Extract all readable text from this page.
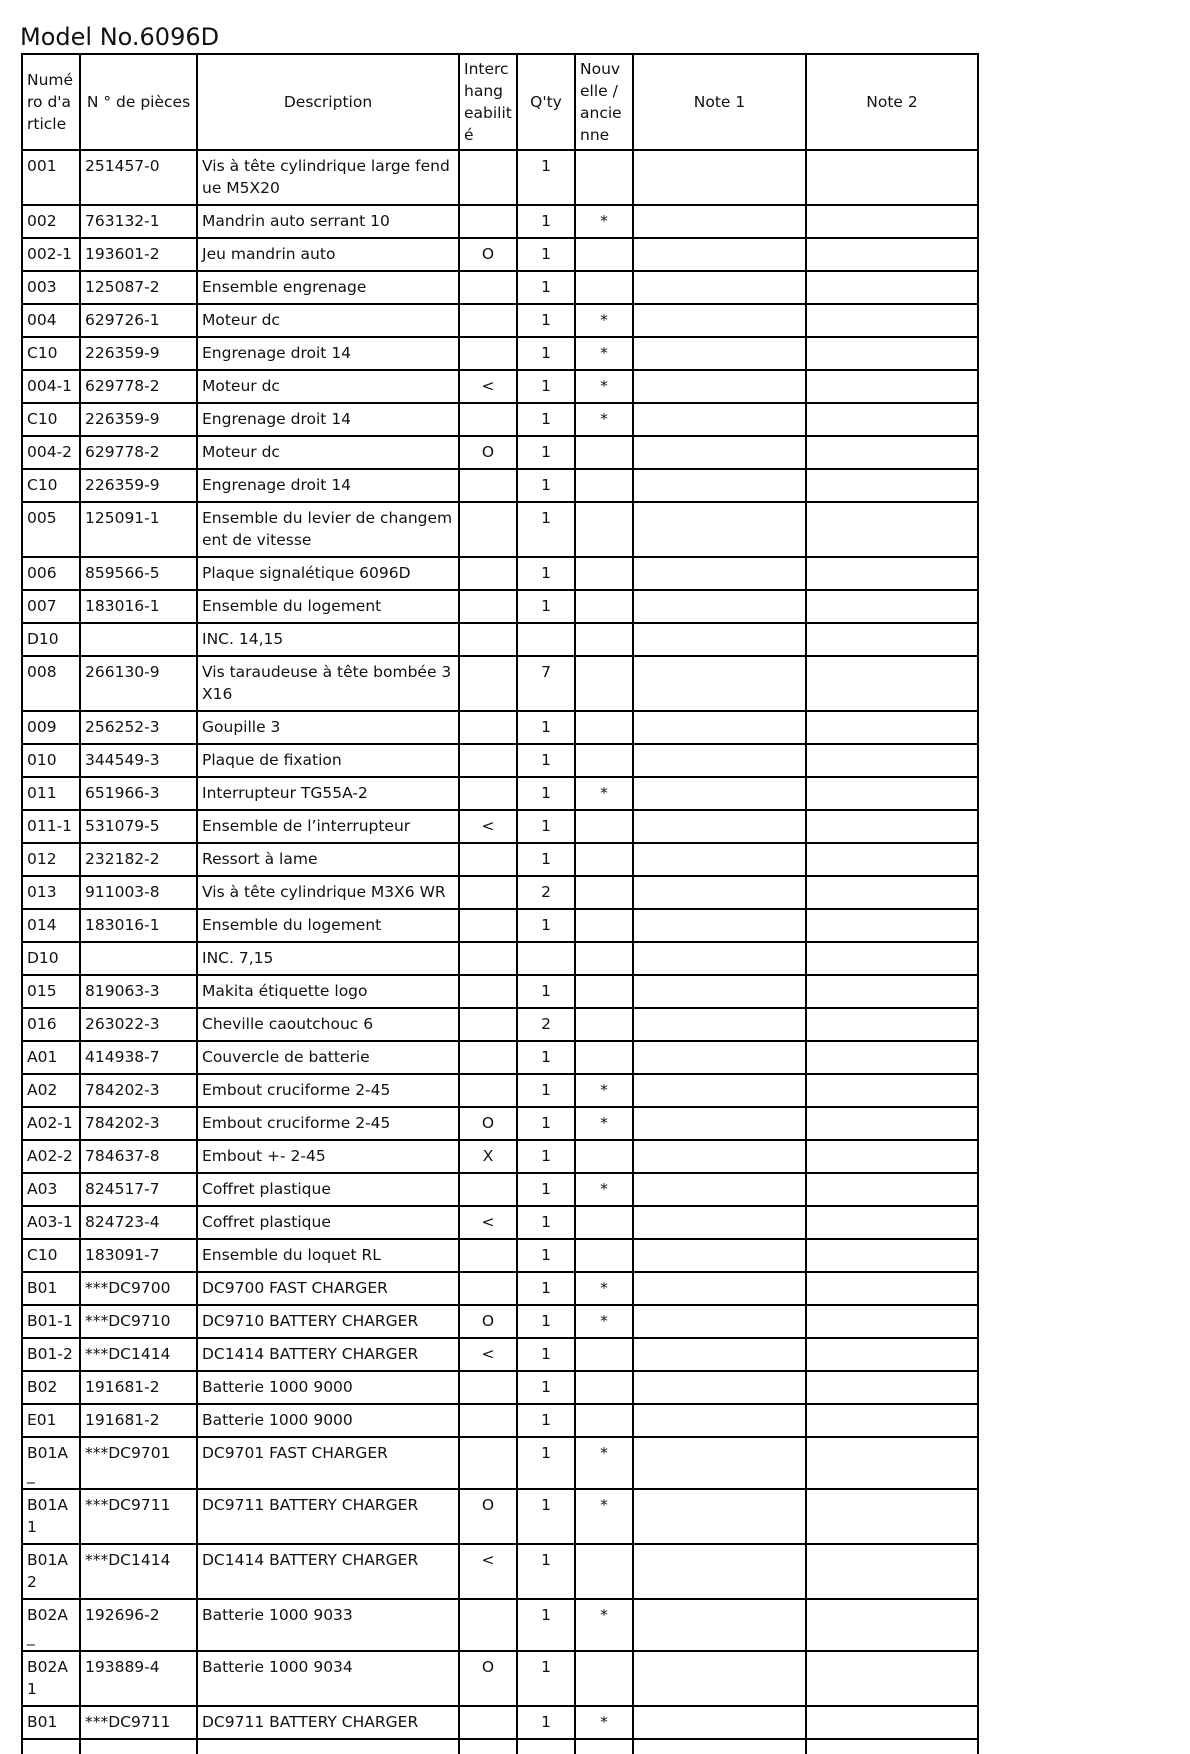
Model No.6096D
Numé ro d'a rticle	N ° de pièces	Description	Interc hang eabilit é	Q'ty	Nouv elle / ancie nne	Note 1	Note 2
001	251457-0	Vis à tête cylindrique large fendue M5X20		1			
002	763132-1	Mandrin auto serrant 10		1	*		
002-1	193601-2	Jeu mandrin auto	O	1			
003	125087-2	Ensemble engrenage		1			
004	629726-1	Moteur dc		1	*		
C10	226359-9	Engrenage droit 14		1	*		
004-1	629778-2	Moteur dc	<	1	*		
C10	226359-9	Engrenage droit 14		1	*		
004-2	629778-2	Moteur dc	O	1			
C10	226359-9	Engrenage droit 14		1			
005	125091-1	Ensemble du levier de changement de vitesse		1			
006	859566-5	Plaque signalétique 6096D		1			
007	183016-1	Ensemble du logement		1			
D10		INC. 14,15					
008	266130-9	Vis taraudeuse à tête bombée 3X16		7			
009	256252-3	Goupille 3		1			
010	344549-3	Plaque de fixation		1			
011	651966-3	Interrupteur TG55A-2		1	*		
011-1	531079-5	Ensemble de l’interrupteur	<	1			
012	232182-2	Ressort à lame		1			
013	911003-8	Vis à tête cylindrique M3X6 WR		2			
014	183016-1	Ensemble du logement		1			
D10		INC. 7,15					
015	819063-3	Makita étiquette logo		1			
016	263022-3	Cheville caoutchouc 6		2			
A01	414938-7	Couvercle de batterie		1			
A02	784202-3	Embout cruciforme 2-45		1	*		
A02-1	784202-3	Embout cruciforme 2-45	O	1	*		
A02-2	784637-8	Embout +- 2-45	X	1			
A03	824517-7	Coffret plastique		1	*		
A03-1	824723-4	Coffret plastique	<	1			
C10	183091-7	Ensemble du loquet RL		1			
B01	***DC9700	DC9700 FAST CHARGER		1	*		
B01-1	***DC9710	DC9710 BATTERY CHARGER	O	1	*		
B01-2	***DC1414	DC1414 BATTERY CHARGER	<	1			
B02	191681-2	Batterie 1000 9000		1			
E01	191681-2	Batterie 1000 9000		1			
B01A_	***DC9701	DC9701 FAST CHARGER		1	*		
B01A 1	***DC9711	DC9711 BATTERY CHARGER	O	1	*		
B01A 2	***DC1414	DC1414 BATTERY CHARGER	<	1			
B02A_	192696-2	Batterie 1000 9033		1	*		
B02A 1	193889-4	Batterie 1000 9034	O	1			
B01	***DC9711	DC9711 BATTERY CHARGER		1	*		
